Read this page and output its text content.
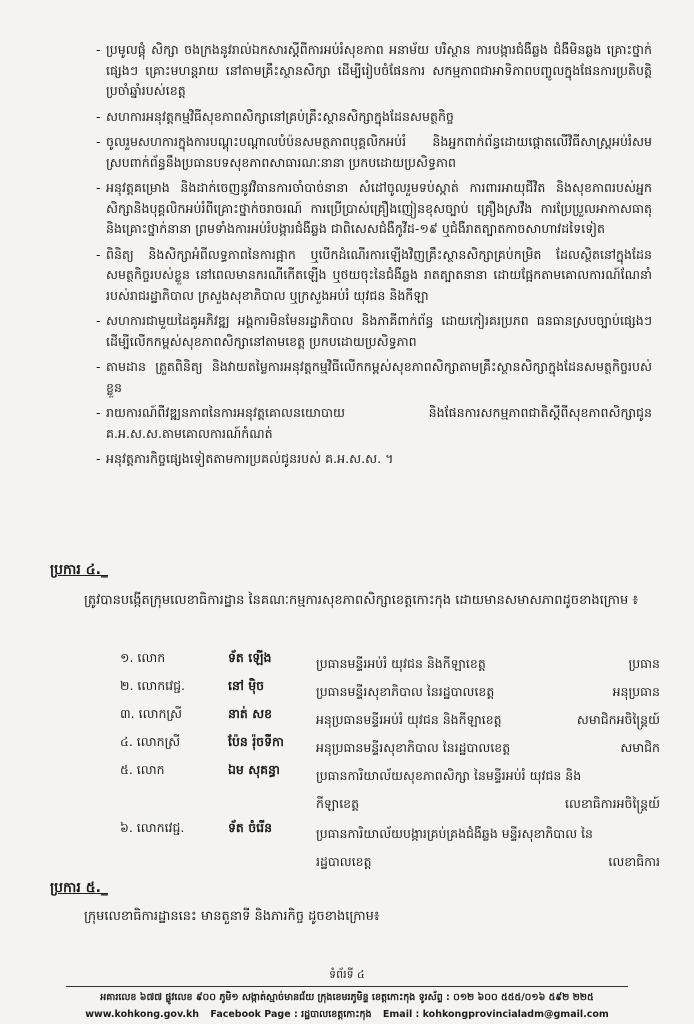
- ប្រមូលផ្តុំ សិក្សា ចងក្រងនូវរាល់ឯកសារស្តីពីការអប់រំសុខភាព អនាម័យ បរិស្ថាន ការបង្ការជំងឺឆ្លង ជំងឺមិនឆ្លង គ្រោះថ្នាក់ផ្សេងៗ គ្រោះមហន្តរាយ នៅតាមគ្រឹះស្ថានសិក្សា ដើម្បីរៀបចំផែនការ សកម្មភាពជាអាទិភាពបញ្ចូលក្នុងផែនការប្រតិបត្តិប្រចាំឆ្នាំរបស់ខេត្ត
- សហការអនុវត្តកម្មវិធីសុខភាពសិក្សានៅគ្រប់គ្រឹះស្ថានសិក្សាក្នុងដែនសមត្ថកិច្ច
- ចូលរួមសហការក្នុងការបណ្តុះបណ្តាលបំប៉នសមត្ថភាពបុគ្គលិកអប់រំ និងអ្នកពាក់ព័ន្ធដោយផ្តោតលើវិធីសាស្ត្រអប់រំសមស្របពាក់ព័ន្ធនឹងប្រធានបទសុខភាពសាធារណៈនានា ប្រកបដោយប្រសិទ្ធភាព
- អនុវត្តគម្រោង និងដាក់ចេញនូវវិធានការចាំបាច់នានា សំដៅចូលរួមទប់ស្កាត់ ការពារអាយុជីវិត និងសុខភាពរបស់អ្នកសិក្សានិងបុគ្គលិកអប់រំពីគ្រោះថ្នាក់ចរាចរណ៍ ការប្រើប្រាស់គ្រឿងញៀនខុសច្បាប់ គ្រឿងស្រវឹង ការប្រែប្រួលអាកាសធាតុ និងគ្រោះថ្នាក់នានា ព្រមទាំងការអប់រំបង្ការជំងឺឆ្លង ជាពិសេសជំងឺកូវីដ-១៩ ឬជំងឺរាតត្បាតកាចសាហាវដទៃទៀត
- ពិនិត្យ និងសិក្សាអំពីលទ្ធភាពនៃការផ្អាក ឬបើកដំណើរការឡើងវិញគ្រឹះស្ថានសិក្សាគ្រប់កម្រិត ដែលស្ថិតនៅក្នុងដែនសមត្ថកិច្ចរបស់ខ្លួន នៅពេលមានករណីកើតឡើង ឬថយចុះនៃជំងឺឆ្លង រាតត្បាតនានា ដោយផ្អែកតាមគោលការណ៍ណែនាំរបស់រាជរដ្ឋាភិបាល ក្រសួងសុខាភិបាល ឬក្រសួងអប់រំ យុវជន និងកីឡា
- សហការជាមួយដៃគូអភិវឌ្ឍ អង្គការមិនមែនរដ្ឋាភិបាល និងភាគីពាក់ព័ន្ធ ដោយកៀរគរប្រភព ធនធានស្របច្បាប់ផ្សេងៗ ដើម្បីលើកកម្ពស់សុខភាពសិក្សានៅតាមខេត្ត ប្រកបដោយប្រសិទ្ធភាព
- តាមដាន ត្រួតពិនិត្យ និងវាយតម្លៃការអនុវត្តកម្មវិធីលើកកម្ពស់សុខភាពសិក្សាតាមគ្រឹះស្ថានសិក្សាក្នុងដែនសមត្ថកិច្ចរបស់ខ្លួន
- រាយការណ៍ពីវឌ្ឍនភាពនៃការអនុវត្តគោលនយោបាយ និងផែនការសកម្មភាពជាតិស្តីពីសុខភាពសិក្សាជូន គ.អ.ស.ស.តាមគោលការណ៍កំណត់
- អនុវត្តភារកិច្ចផ្សេងទៀតតាមការប្រគល់ជូនរបស់ គ.អ.ស.ស. ។
ប្រការ ៤._
ត្រូវបានបង្កើតក្រុមលេខាធិការដ្ឋាន នៃគណៈកម្មការសុខភាពសិក្សាខេត្តកោះកុង ដោយមានសមាសភាពដូចខាងក្រោម ៖
១. លោក	ទ័ត ឡើង	ប្រធានមន្ទីរអប់រំ យុវជន និងកីឡាខេត្ត	ប្រធាន
២. លោកវេជ្ជ.	នៅ ម៉ិច	ប្រធានមន្ទីរសុខាភិបាល នៃរដ្ឋបាលខេត្ត	អនុប្រធាន
៣. លោកស្រី	នាត់ សខ	អនុប្រធានមន្ទីរអប់រំ យុវជន និងកីឡាខេត្ត	សមាជិកអចិន្ត្រៃយ៍
៤. លោកស្រី	ប៉ែន រ៉ុចទីកា	អនុប្រធានមន្ទីរសុខាភិបាល នៃរដ្ឋបាលខេត្ត	សមាជិក
៥. លោក	ឯម សុគន្ធា	ប្រធានការិយាល័យសុខភាពសិក្សា នៃមន្ទីរអប់រំ យុវជន និងកីឡាខេត្ត	លេខាធិការអចិន្ត្រៃយ៍
៦. លោកវេជ្ជ.	ទ័ត ចំរើន	ប្រធានការិយាល័យបង្ការគ្រប់គ្រងជំងឺឆ្លង មន្ទីរសុខាភិបាល នៃរដ្ឋបាលខេត្ត	លេខាធិការ
ប្រការ ៥._
ក្រុមលេខាធិការដ្ឋាននេះ មានតួនាទី និងភារកិច្ច ដូចខាងក្រោម៖
ទំព័រទី ៤
អគារលេខ ៦៧៧ ផ្លូវលេខ ៩០០ ភូមិ១ សង្កាត់ស្មាច់មានជ័យ ក្រុងខេមរភូមិន្ទ ខេត្តកោះកុង ទូរស័ព្ទ : ០១២ ៦០០ ៥៥៥/០១៦ ៥៩២ ២២៥
www.kohkong.gov.kh Facebook Page : រដ្ឋបាលខេត្តកោះកុង Email : kohkongprovincialadm@gmail.com
